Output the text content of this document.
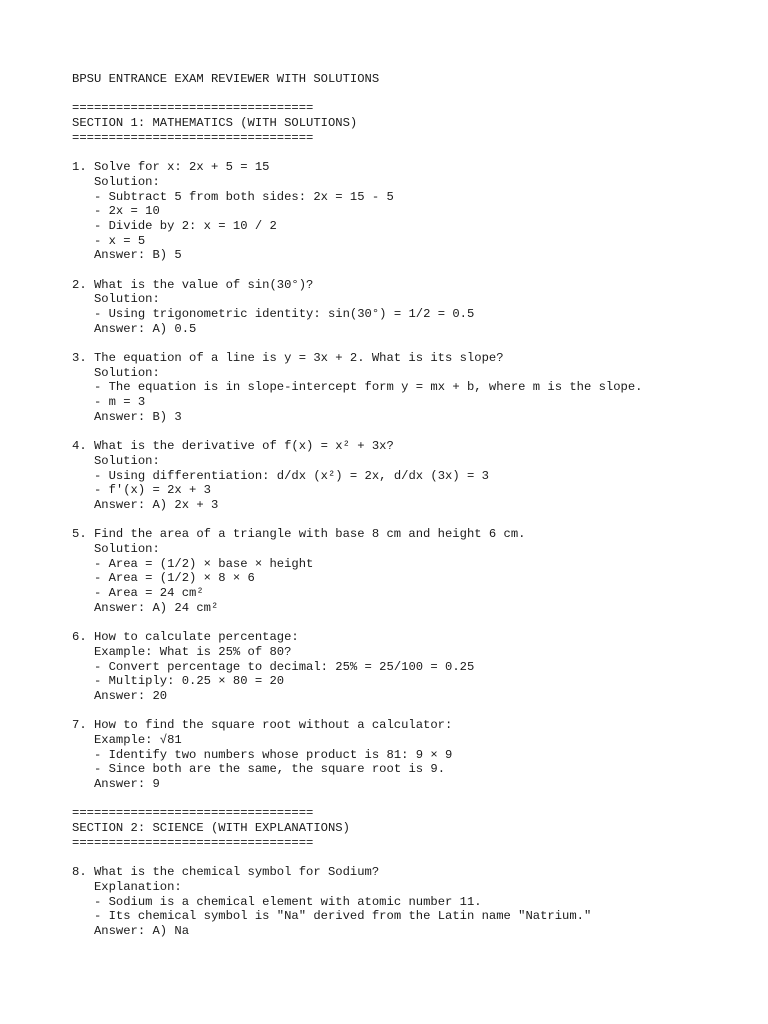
BPSU ENTRANCE EXAM REVIEWER WITH SOLUTIONS
=================================
SECTION 1: MATHEMATICS (WITH SOLUTIONS)
=================================
1. Solve for x: 2x + 5 = 15
Solution:
- Subtract 5 from both sides: 2x = 15 - 5
- 2x = 10
- Divide by 2: x = 10 / 2
- x = 5
Answer: B) 5
2. What is the value of sin(30°)?
Solution:
- Using trigonometric identity: sin(30°) = 1/2 = 0.5
Answer: A) 0.5
3. The equation of a line is y = 3x + 2. What is its slope?
Solution:
- The equation is in slope-intercept form y = mx + b, where m is the slope.
- m = 3
Answer: B) 3
4. What is the derivative of f(x) = x² + 3x?
Solution:
- Using differentiation: d/dx (x²) = 2x, d/dx (3x) = 3
- f'(x) = 2x + 3
Answer: A) 2x + 3
5. Find the area of a triangle with base 8 cm and height 6 cm.
Solution:
- Area = (1/2) × base × height
- Area = (1/2) × 8 × 6
- Area = 24 cm²
Answer: A) 24 cm²
6. How to calculate percentage:
Example: What is 25% of 80?
- Convert percentage to decimal: 25% = 25/100 = 0.25
- Multiply: 0.25 × 80 = 20
Answer: 20
7. How to find the square root without a calculator:
Example: √81
- Identify two numbers whose product is 81: 9 × 9
- Since both are the same, the square root is 9.
Answer: 9
=================================
SECTION 2: SCIENCE (WITH EXPLANATIONS)
=================================
8. What is the chemical symbol for Sodium?
Explanation:
- Sodium is a chemical element with atomic number 11.
- Its chemical symbol is "Na" derived from the Latin name "Natrium."
Answer: A) Na
